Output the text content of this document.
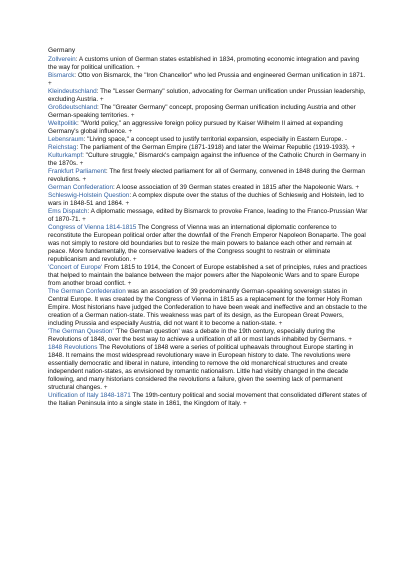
Germany
Zollverein: A customs union of German states established in 1834, promoting economic integration and paving the way for political unification. +
Bismarck: Otto von Bismarck, the "Iron Chancellor" who led Prussia and engineered German unification in 1871. +
Kleindeutschland: The "Lesser Germany" solution, advocating for German unification under Prussian leadership, excluding Austria. +
Großdeutschland: The "Greater Germany" concept, proposing German unification including Austria and other German-speaking territories. +
Weltpolitik: "World policy," an aggressive foreign policy pursued by Kaiser Wilhelm II aimed at expanding Germany's global influence. +
Lebensraum: "Living space," a concept used to justify territorial expansion, especially in Eastern Europe. -
Reichstag: The parliament of the German Empire (1871-1918) and later the Weimar Republic (1919-1933). +
Kulturkampf: "Culture struggle," Bismarck's campaign against the influence of the Catholic Church in Germany in the 1870s. +
Frankfurt Parliament: The first freely elected parliament for all of Germany, convened in 1848 during the German revolutions. +
German Confederation: A loose association of 39 German states created in 1815 after the Napoleonic Wars. +
Schleswig-Holstein Question: A complex dispute over the status of the duchies of Schleswig and Holstein, led to wars in 1848-51 and 1864. +
Ems Dispatch: A diplomatic message, edited by Bismarck to provoke France, leading to the Franco-Prussian War of 1870-71. +
Congress of Vienna 1814-1815 The Congress of Vienna was an international diplomatic conference to reconstitute the European political order after the downfall of the French Emperor Napoleon Bonaparte. The goal was not simply to restore old boundaries but to resize the main powers to balance each other and remain at peace. More fundamentally, the conservative leaders of the Congress sought to restrain or eliminate republicanism and revolution. +
'Concert of Europe' From 1815 to 1914, the Concert of Europe established a set of principles, rules and practices that helped to maintain the balance between the major powers after the Napoleonic Wars and to spare Europe from another broad conflict. +
The German Confederation was an association of 39 predominantly German-speaking sovereign states in Central Europe. It was created by the Congress of Vienna in 1815 as a replacement for the former Holy Roman Empire. Most historians have judged the Confederation to have been weak and ineffective and an obstacle to the creation of a German nation-state. This weakness was part of its design, as the European Great Powers, including Prussia and especially Austria, did not want it to become a nation-state. +
'The German Question' 'The German question' was a debate in the 19th century, especially during the Revolutions of 1848, over the best way to achieve a unification of all or most lands inhabited by Germans. +
1848 Revolutions The Revolutions of 1848 were a series of political upheavals throughout Europe starting in 1848. It remains the most widespread revolutionary wave in European history to date. The revolutions were essentially democratic and liberal in nature, intending to remove the old monarchical structures and create independent nation-states, as envisioned by romantic nationalism. Little had visibly changed in the decade following, and many historians considered the revolutions a failure, given the seeming lack of permanent structural changes. +
Unification of Italy 1848-1871 The 19th-century political and social movement that consolidated different states of the Italian Peninsula into a single state in 1861, the Kingdom of Italy. +
